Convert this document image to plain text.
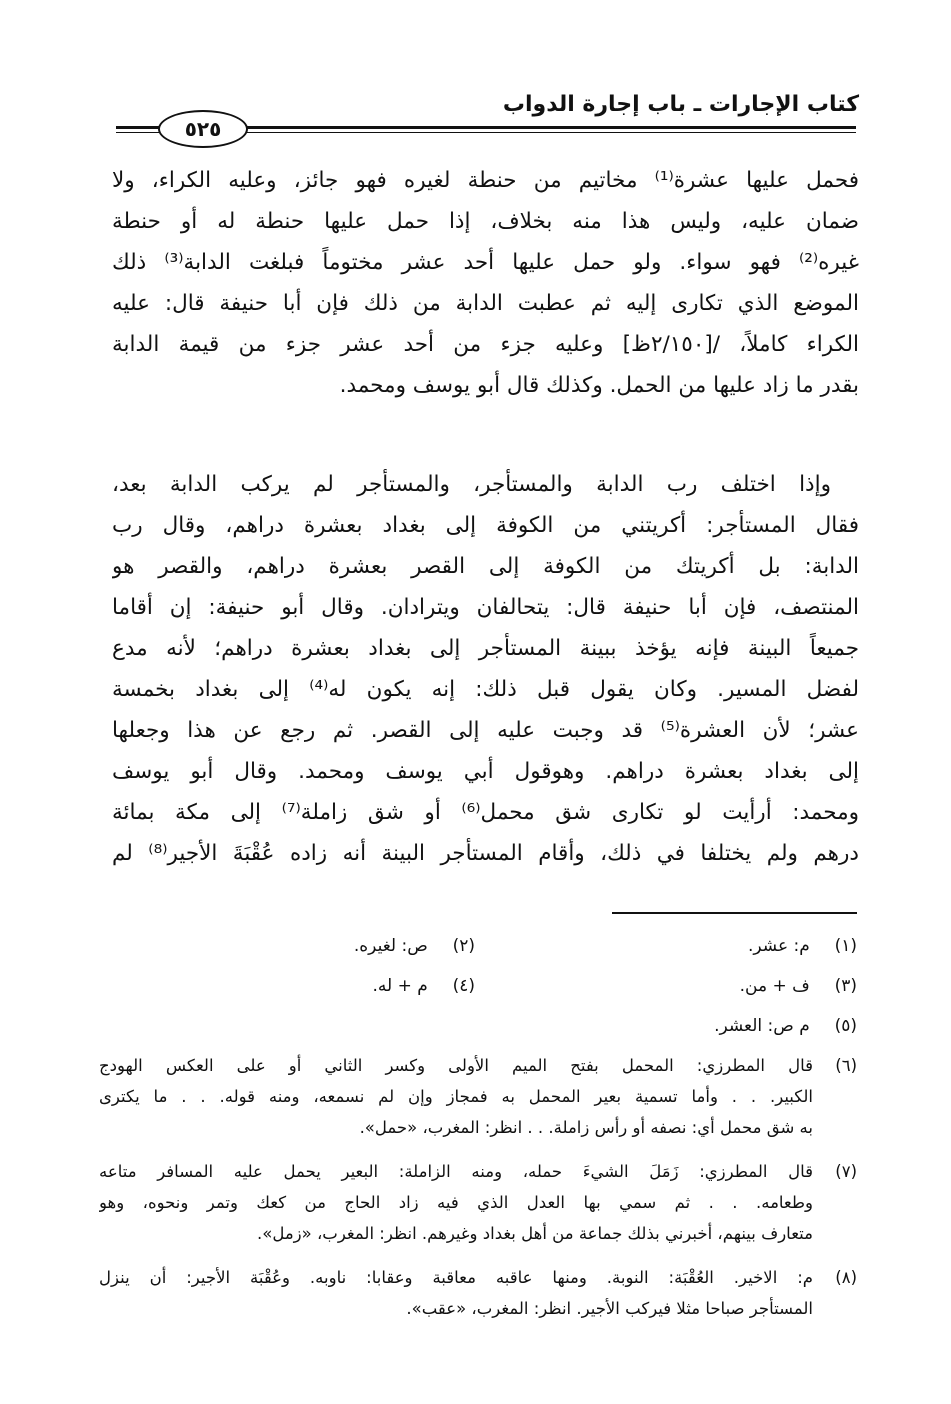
كتاب الإجارات ـ باب إجارة الدواب
٥٢٥
فحمل عليها عشرة⁽¹⁾ مخاتيم من حنطة لغيره فهو جائز، وعليه الكراء، ولا
ضمان عليه، وليس هذا منه بخلاف، إذا حمل عليها حنطة له أو حنطة
غيره⁽²⁾ فهو سواء. ولو حمل عليها أحد عشر مختوماً فبلغت الدابة⁽³⁾ ذلك
الموضع الذي تكارى إليه ثم عطبت الدابة من ذلك فإن أبا حنيفة قال: عليه
الكراء كاملاً، /[٢/١٥٠ظ] وعليه جزء من أحد عشر جزء من قيمة الدابة
بقدر ما زاد عليها من الحمل. وكذلك قال أبو يوسف ومحمد.
وإذا اختلف رب الدابة والمستأجر، والمستأجر لم يركب الدابة بعد،
فقال المستأجر: أكريتني من الكوفة إلى بغداد بعشرة دراهم، وقال رب
الدابة: بل أكريتك من الكوفة إلى القصر بعشرة دراهم، والقصر هو
المنتصف، فإن أبا حنيفة قال: يتحالفان ويترادان. وقال أبو حنيفة: إن أقاما
جميعاً البينة فإنه يؤخذ ببينة المستأجر إلى بغداد بعشرة دراهم؛ لأنه مدع
لفضل المسير. وكان يقول قبل ذلك: إنه يكون له⁽⁴⁾ إلى بغداد بخمسة
عشر؛ لأن العشرة⁽⁵⁾ قد وجبت عليه إلى القصر. ثم رجع عن هذا وجعلها
إلى بغداد بعشرة دراهم. وهوقول أبي يوسف ومحمد. وقال أبو يوسف
ومحمد: أرأيت لو تكارى شق محمل⁽⁶⁾ أو شق زاملة⁽⁷⁾ إلى مكة بمائة
درهم ولم يختلفا في ذلك، وأقام المستأجر البينة أنه زاده عُقْبَةَ الأجير⁽⁸⁾ لم
(١)  م: عشر.
(٢)  ص: لغيره.
(٣)  ف + من.
(٤)  م + له.
(٥)  م ص: العشر.
(٦)
قال المطرزي: المحمل بفتح الميم الأولى وكسر الثاني أو على العكس الهودج
الكبير. . . وأما تسمية بعير المحمل به فمجاز وإن لم نسمعه، ومنه قوله. . . ما يكترى
به شق محمل أي: نصفه أو رأس زاملة. . . انظر: المغرب، «حمل».
(٧)
قال المطرزي: زَمَلَ الشيءَ حمله، ومنه الزاملة: البعير يحمل عليه المسافر متاعه
وطعامه. . . ثم سمي بها العدل الذي فيه زاد الحاج من كعك وتمر ونحوه، وهو
متعارف بينهم، أخبرني بذلك جماعة من أهل بغداد وغيرهم. انظر: المغرب، «زمل».
(٨)
م: الاخير. العُقْبَة: النوبة. ومنها عاقبه معاقبة وعقابا: ناوبه. وعُقْبَة الأجير: أن ينزل
المستأجر صباحا مثلا فيركب الأجير. انظر: المغرب، «عقب».
